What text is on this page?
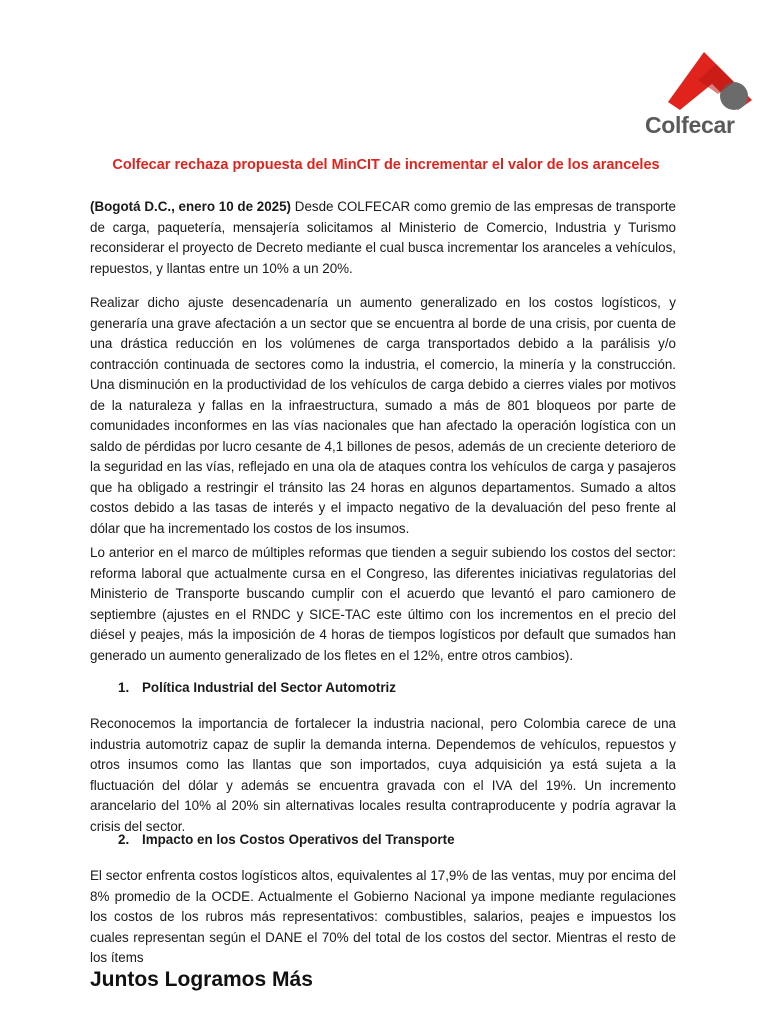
Colfecar
Colfecar rechaza propuesta del MinCIT de incrementar el valor de los aranceles

(Bogotá D.C., enero 10 de 2025) Desde COLFECAR como gremio de las empresas de transporte de carga, paquetería, mensajería solicitamos al Ministerio de Comercio, Industria y Turismo reconsiderar el proyecto de Decreto mediante el cual busca incrementar los aranceles a vehículos, repuestos, y llantas entre un 10% a un 20%.

Realizar dicho ajuste desencadenaría un aumento generalizado en los costos logísticos, y generaría una grave afectación a un sector que se encuentra al borde de una crisis, por cuenta de una drástica reducción en los volúmenes de carga transportados debido a la parálisis y/o contracción continuada de sectores como la industria, el comercio, la minería y la construcción. Una disminución en la productividad de los vehículos de carga debido a cierres viales por motivos de la naturaleza y fallas en la infraestructura, sumado a más de 801 bloqueos por parte de comunidades inconformes en las vías nacionales que han afectado la operación logística con un saldo de pérdidas por lucro cesante de 4,1 billones de pesos, además de un creciente deterioro de la seguridad en las vías, reflejado en una ola de ataques contra los vehículos de carga y pasajeros que ha obligado a restringir el tránsito las 24 horas en algunos departamentos. Sumado a altos costos debido a las tasas de interés y el impacto negativo de la devaluación del peso frente al dólar que ha incrementado los costos de los insumos.

Lo anterior en el marco de múltiples reformas que tienden a seguir subiendo los costos del sector: reforma laboral que actualmente cursa en el Congreso, las diferentes iniciativas regulatorias del Ministerio de Transporte buscando cumplir con el acuerdo que levantó el paro camionero de septiembre (ajustes en el RNDC y SICE-TAC este último con los incrementos en el precio del diésel y peajes, más la imposición de 4 horas de tiempos logísticos por default que sumados han generado un aumento generalizado de los fletes en el 12%, entre otros cambios).

1. Política Industrial del Sector Automotriz

Reconocemos la importancia de fortalecer la industria nacional, pero Colombia carece de una industria automotriz capaz de suplir la demanda interna. Dependemos de vehículos, repuestos y otros insumos como las llantas que son importados, cuya adquisición ya está sujeta a la fluctuación del dólar y además se encuentra gravada con el IVA del 19%. Un incremento arancelario del 10% al 20% sin alternativas locales resulta contraproducente y podría agravar la crisis del sector.

2. Impacto en los Costos Operativos del Transporte

El sector enfrenta costos logísticos altos, equivalentes al 17,9% de las ventas, muy por encima del 8% promedio de la OCDE. Actualmente el Gobierno Nacional ya impone mediante regulaciones los costos de los rubros más representativos: combustibles, salarios, peajes e impuestos los cuales representan según el DANE el 70% del total de los costos del sector. Mientras el resto de los ítems

Juntos Logramos Más
